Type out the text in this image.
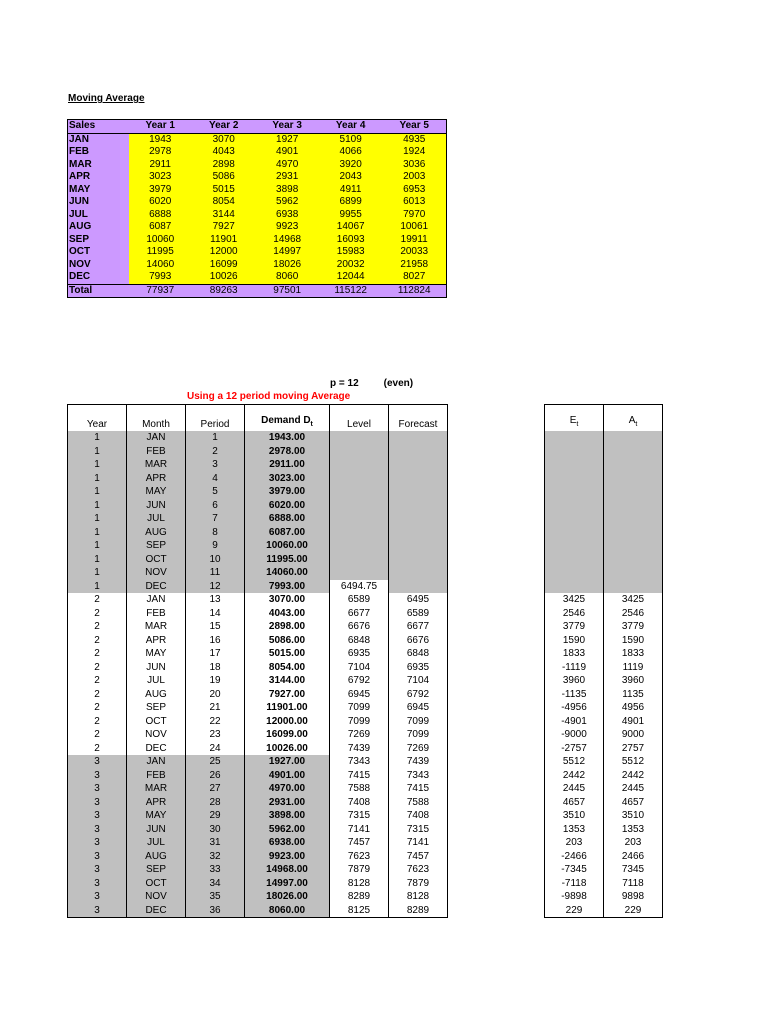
Moving Average
Sales	Year 1	Year 2	Year 3	Year 4	Year 5
JAN	1943	3070	1927	5109	4935
FEB	2978	4043	4901	4066	1924
MAR	2911	2898	4970	3920	3036
APR	3023	5086	2931	2043	2003
MAY	3979	5015	3898	4911	6953
JUN	6020	8054	5962	6899	6013
JUL	6888	3144	6938	9955	7970
AUG	6087	7927	9923	14067	10061
SEP	10060	11901	14968	16093	19911
OCT	11995	12000	14997	15983	20033
NOV	14060	16099	18026	20032	21958
DEC	7993	10026	8060	12044	8027
Total	77937	89263	97501	115122	112824
p = 12	(even)
Using a 12 period moving Average
Year	Month	Period	Demand $D_t$	Level	Forecast
1	JAN	1	1943.00		
1	FEB	2	2978.00		
1	MAR	3	2911.00		
1	APR	4	3023.00		
1	MAY	5	3979.00		
1	JUN	6	6020.00		
1	JUL	7	6888.00		
1	AUG	8	6087.00		
1	SEP	9	10060.00		
1	OCT	10	11995.00		
1	NOV	11	14060.00		
1	DEC	12	7993.00	6494.75	
2	JAN	13	3070.00	6589	6495
2	FEB	14	4043.00	6677	6589
2	MAR	15	2898.00	6676	6677
2	APR	16	5086.00	6848	6676
2	MAY	17	5015.00	6935	6848
2	JUN	18	8054.00	7104	6935
2	JUL	19	3144.00	6792	7104
2	AUG	20	7927.00	6945	6792
2	SEP	21	11901.00	7099	6945
2	OCT	22	12000.00	7099	7099
2	NOV	23	16099.00	7269	7099
2	DEC	24	10026.00	7439	7269
3	JAN	25	1927.00	7343	7439
3	FEB	26	4901.00	7415	7343
3	MAR	27	4970.00	7588	7415
3	APR	28	2931.00	7408	7588
3	MAY	29	3898.00	7315	7408
3	JUN	30	5962.00	7141	7315
3	JUL	31	6938.00	7457	7141
3	AUG	32	9923.00	7623	7457
3	SEP	33	14968.00	7879	7623
3	OCT	34	14997.00	8128	7879
3	NOV	35	18026.00	8289	8128
3	DEC	36	8060.00	8125	8289
$E_t$	$A_t$

3425	3425
2546	2546
3779	3779
1590	1590
1833	1833
-1119	1119
3960	3960
-1135	1135
-4956	4956
-4901	4901
-9000	9000
-2757	2757
5512	5512
2442	2442
2445	2445
4657	4657
3510	3510
1353	1353
203	203
-2466	2466
-7345	7345
-7118	7118
-9898	9898
229	229
